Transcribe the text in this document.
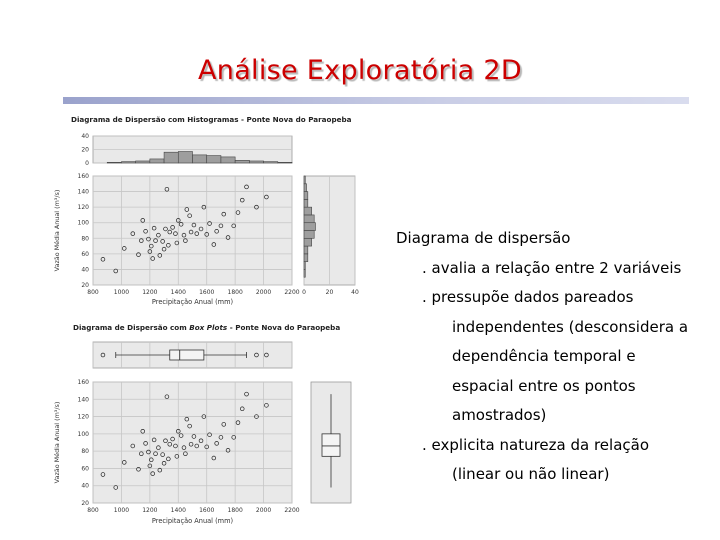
Análise Exploratória 2D
Diagrama de Dispersão com Histogramas - Ponte Nova do Paraopeba
40
20
0
800	1000 1200 1400 1600 1800 2000 2200
20
40
60
80
100
120
140
160
0	20	40
Precipitação Anual (mm)
Vazão Média Anual (m³/s)
Diagrama de Dispersão com Box Plots - Ponte Nova do Paraopeba
800	1000 1200 1400 1600 1800 2000 2200
20
40
60
80
100
120
140
160
Precipitação Anual (mm)
Vazão Média Anual (m³/s)
Diagrama de dispersão
. avalia a relação entre 2 variáveis
. pressupõe dados pareados
independentes (desconsidera a
dependência temporal e
espacial entre os pontos
amostrados)
. explicita natureza da relação
(linear ou não linear)
